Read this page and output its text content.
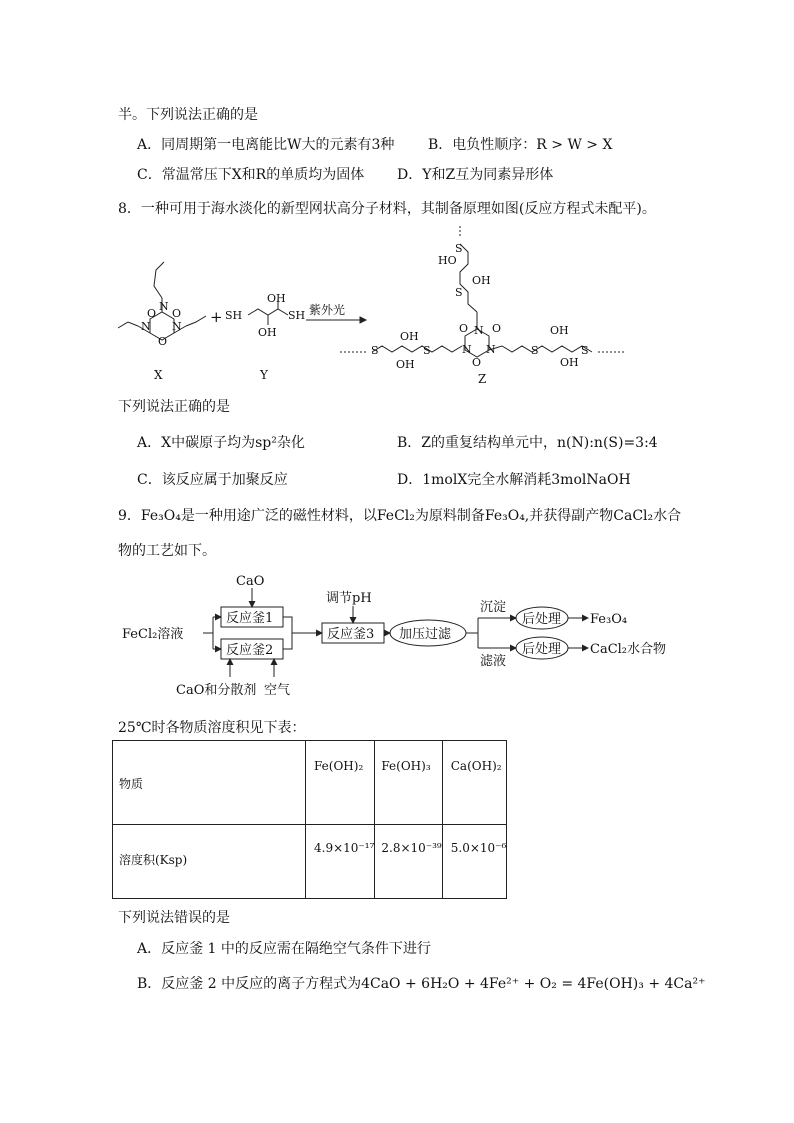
半。下列说法正确的是
A．同周期第一电离能比W大的元素有3种 B．电负性顺序：R > W > X
C．常温常压下X和R的单质均为固体 D．Y和Z互为同素异形体
8．一种可用于海水淡化的新型网状高分子材料，其制备原理如图(反应方程式未配平)。
O O
O
N N
N
X
+ SH	SH
OH
OH
Y
紫外光
S
HO
OH
S
S
OH
OH
S
O O
O
N
N N	S
OH
OH
S
Z
下列说法正确的是
A．X中碳原子均为sp²杂化	B．Z的重复结构单元中，n(N):n(S)=3:4
C．该反应属于加聚反应	D．1molX完全水解消耗3molNaOH
9．Fe₃O₄是一种用途广泛的磁性材料，以FeCl₂为原料制备Fe₃O₄,并获得副产物CaCl₂水合
物的工艺如下。
CaO
FeCl₂溶液
反应釜1
反应釜2
反应釜3
调节pH
加压过滤
沉淀
滤液
后处理
后处理
Fe₃O₄
CaCl₂水合物
CaO和分散剂 空气
25℃时各物质溶度积见下表：
物质	Fe(OH)₂	Fe(OH)₃	Ca(OH)₂

溶度积(Ksp)	4.9×10⁻¹⁷	2.8×10⁻³⁹	5.0×10⁻⁶
下列说法错误的是
A．反应釜 1 中的反应需在隔绝空气条件下进行
B．反应釜 2 中反应的离子方程式为4CaO + 6H₂O + 4Fe²⁺ + O₂ = 4Fe(OH)₃ + 4Ca²⁺
